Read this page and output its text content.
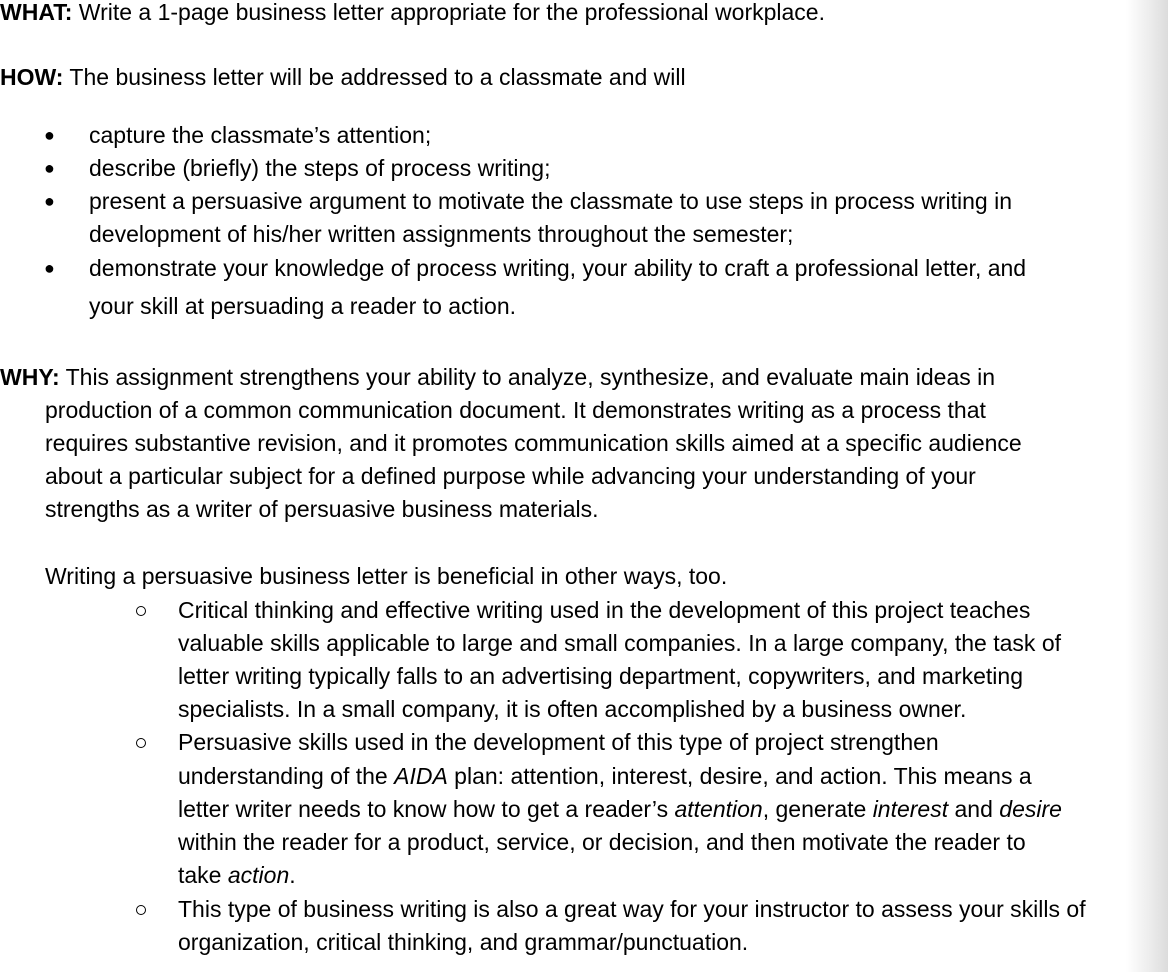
WHAT: Write a 1-page business letter appropriate for the professional workplace.
HOW: The business letter will be addressed to a classmate and will
● capture the classmate’s attention;
● describe (briefly) the steps of process writing;
● present a persuasive argument to motivate the classmate to use steps in process writing in
development of his/her written assignments throughout the semester;
● demonstrate your knowledge of process writing, your ability to craft a professional letter, and
your skill at persuading a reader to action.
WHY: This assignment strengthens your ability to analyze, synthesize, and evaluate main ideas in
production of a common communication document. It demonstrates writing as a process that
requires substantive revision, and it promotes communication skills aimed at a specific audience
about a particular subject for a defined purpose while advancing your understanding of your
strengths as a writer of persuasive business materials.
Writing a persuasive business letter is beneficial in other ways, too.
Critical thinking and effective writing used in the development of this project teaches
valuable skills applicable to large and small companies. In a large company, the task of
letter writing typically falls to an advertising department, copywriters, and marketing
specialists. In a small company, it is often accomplished by a business owner.
Persuasive skills used in the development of this type of project strengthen
understanding of the AIDA plan: attention, interest, desire, and action. This means a
letter writer needs to know how to get a reader’s attention, generate interest and desire
within the reader for a product, service, or decision, and then motivate the reader to
take action.
This type of business writing is also a great way for your instructor to assess your skills of
organization, critical thinking, and grammar/punctuation.
